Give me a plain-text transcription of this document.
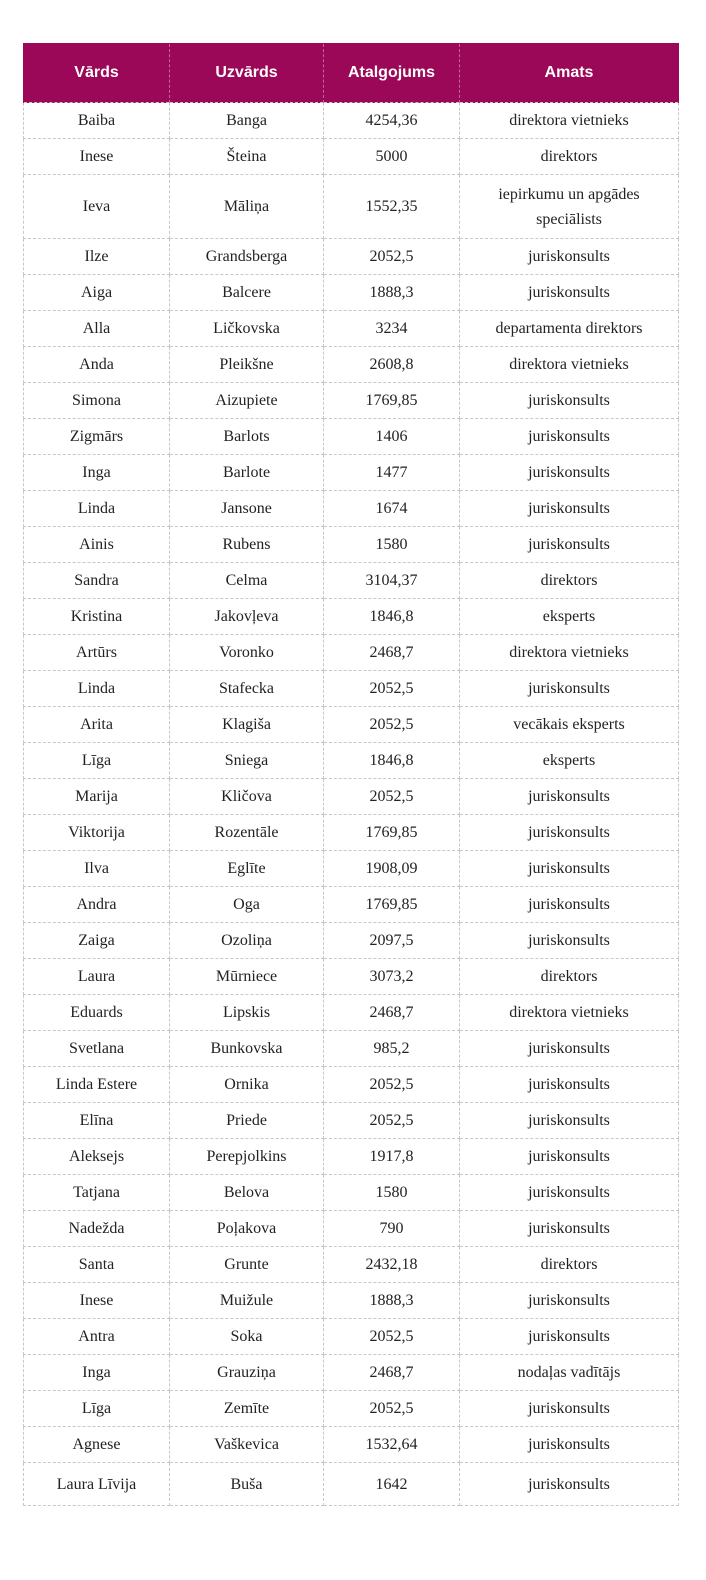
Vārds	Uzvārds	Atalgojums	Amats
Baiba	Banga	4254,36	direktora vietnieks
Inese	Šteina	5000	direktors
Ieva	Māliņa	1552,35	iepirkumu un apgādes speciālists
Ilze	Grandsberga	2052,5	juriskonsults
Aiga	Balcere	1888,3	juriskonsults
Alla	Ličkovska	3234	departamenta direktors
Anda	Pleikšne	2608,8	direktora vietnieks
Simona	Aizupiete	1769,85	juriskonsults
Zigmārs	Barlots	1406	juriskonsults
Inga	Barlote	1477	juriskonsults
Linda	Jansone	1674	juriskonsults
Ainis	Rubens	1580	juriskonsults
Sandra	Celma	3104,37	direktors
Kristina	Jakovļeva	1846,8	eksperts
Artūrs	Voronko	2468,7	direktora vietnieks
Linda	Stafecka	2052,5	juriskonsults
Arita	Klagiša	2052,5	vecākais eksperts
Līga	Sniega	1846,8	eksperts
Marija	Kličova	2052,5	juriskonsults
Viktorija	Rozentāle	1769,85	juriskonsults
Ilva	Eglīte	1908,09	juriskonsults
Andra	Oga	1769,85	juriskonsults
Zaiga	Ozoliņa	2097,5	juriskonsults
Laura	Mūrniece	3073,2	direktors
Eduards	Lipskis	2468,7	direktora vietnieks
Svetlana	Bunkovska	985,2	juriskonsults
Linda Estere	Ornika	2052,5	juriskonsults
Elīna	Priede	2052,5	juriskonsults
Aleksejs	Perepjolkins	1917,8	juriskonsults
Tatjana	Belova	1580	juriskonsults
Nadežda	Poļakova	790	juriskonsults
Santa	Grunte	2432,18	direktors
Inese	Muižule	1888,3	juriskonsults
Antra	Soka	2052,5	juriskonsults
Inga	Grauziņa	2468,7	nodaļas vadītājs
Līga	Zemīte	2052,5	juriskonsults
Agnese	Vaškevica	1532,64	juriskonsults
Laura Līvija	Buša	1642	juriskonsults
